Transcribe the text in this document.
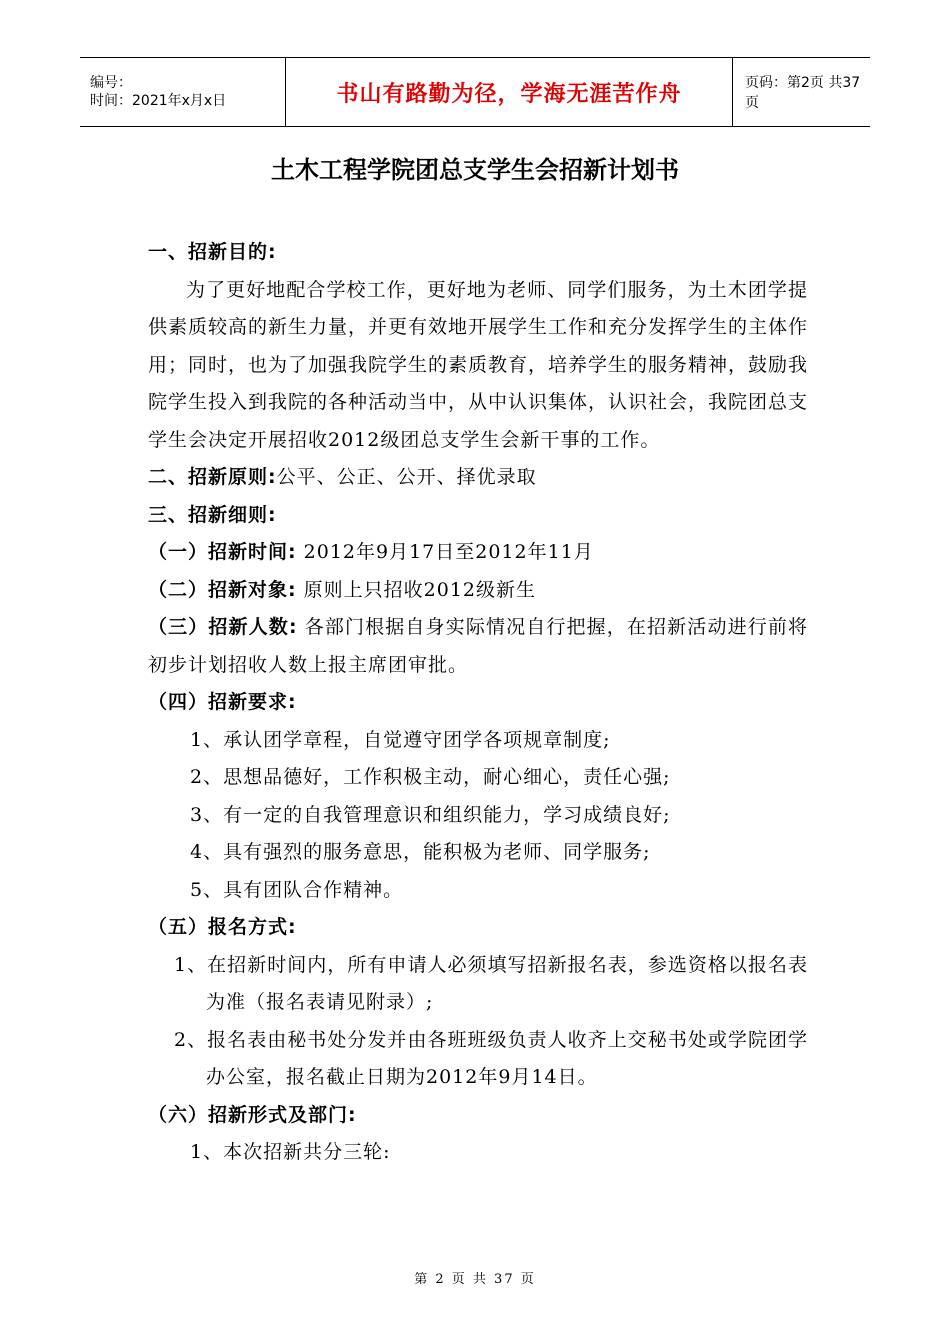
编号：
时间：2021年x月x日	书山有路勤为径，学海无涯苦作舟	页码：第2页 共37页
土木工程学院团总支学生会招新计划书

一、招新目的:

为了更好地配合学校工作，更好地为老师、同学们服务，为土木团学提供素质较高的新生力量，并更有效地开展学生工作和充分发挥学生的主体作用；同时，也为了加强我院学生的素质教育，培养学生的服务精神，鼓励我院学生投入到我院的各种活动当中，从中认识集体，认识社会，我院团总支学生会决定开展招收2012级团总支学生会新干事的工作。

二、招新原则:公平、公正、公开、择优录取

三、招新细则:

（一）招新时间: 2012年9月17日至2012年11月

（二）招新对象: 原则上只招收2012级新生

（三）招新人数: 各部门根据自身实际情况自行把握，在招新活动进行前将初步计划招收人数上报主席团审批。

（四）招新要求:

1、承认团学章程，自觉遵守团学各项规章制度;

2、思想品德好，工作积极主动，耐心细心，责任心强;

3、有一定的自我管理意识和组织能力，学习成绩良好;

4、具有强烈的服务意思，能积极为老师、同学服务;

5、具有团队合作精神。

（五）报名方式:

1、在招新时间内，所有申请人必须填写招新报名表，参选资格以报名表为准（报名表请见附录）;

2、报名表由秘书处分发并由各班班级负责人收齐上交秘书处或学院团学办公室，报名截止日期为2012年9月14日。

（六）招新形式及部门:

1、本次招新共分三轮:

第 2 页 共 37 页
